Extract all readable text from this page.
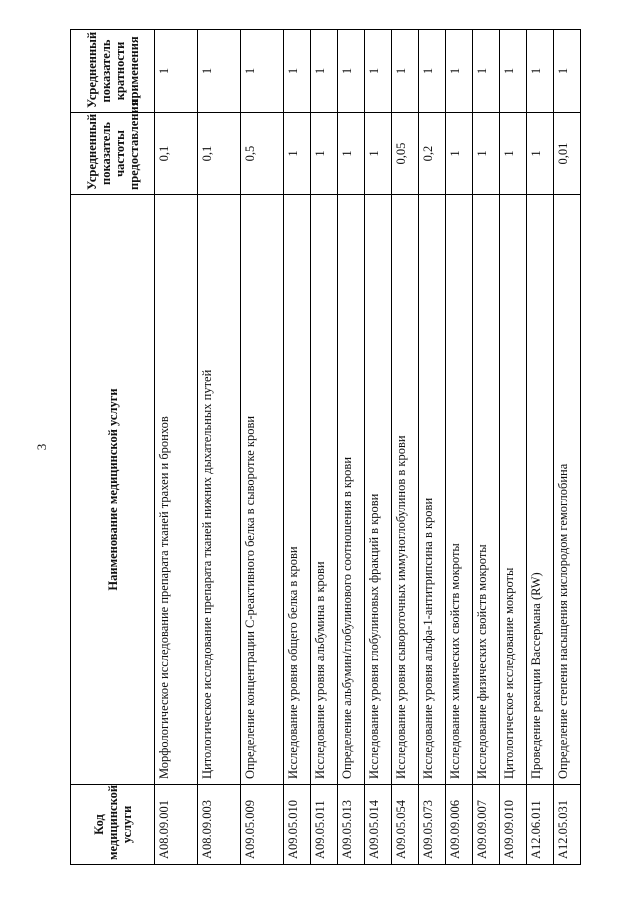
3
Код медицинской услуги	Наименование медицинской услуги	Усредненный показатель частоты предоставления	Усредненный показатель кратности применения
A08.09.001	Морфологическое исследование препарата тканей трахеи и бронхов	0,1	1
A08.09.003	Цитологическое исследование препарата тканей нижних дыхательных путей	0,1	1
A09.05.009	Определение концентрации С-реактивного белка в сыворотке крови	0,5	1
A09.05.010	Исследование уровня общего белка в крови	1	1
A09.05.011	Исследование уровня альбумина в крови	1	1
A09.05.013	Определение альбумин/глобулинового соотношения в крови	1	1
A09.05.014	Исследование уровня глобулиновых фракций в крови	1	1
A09.05.054	Исследование уровня сывороточных иммуноглобулинов в крови	0,05	1
A09.05.073	Исследование уровня альфа-1-антитрипсина в крови	0,2	1
A09.09.006	Исследование химических свойств мокроты	1	1
A09.09.007	Исследование физических свойств мокроты	1	1
A09.09.010	Цитологическое исследование мокроты	1	1
A12.06.011	Проведение реакции Вассермана (RW)	1	1
A12.05.031	Определение степени насыщения кислородом гемоглобина	0,01	1
